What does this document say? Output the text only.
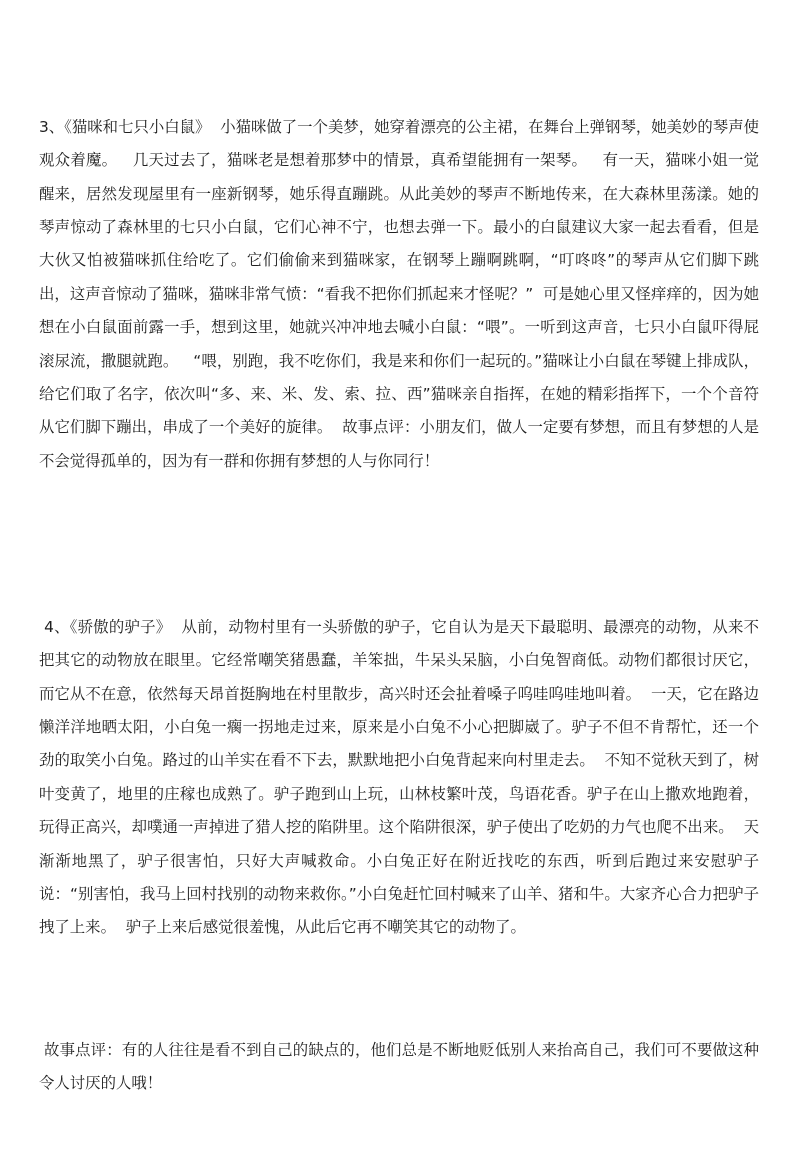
3、《猫咪和七只小白鼠》  小猫咪做了一个美梦，她穿着漂亮的公主裙，在舞台上弹钢琴，她美妙的琴声使观众着魔。   几天过去了，猫咪老是想着那梦中的情景，真希望能拥有一架琴。   有一天，猫咪小姐一觉醒来，居然发现屋里有一座新钢琴，她乐得直蹦跳。从此美妙的琴声不断地传来，在大森林里荡漾。她的琴声惊动了森林里的七只小白鼠，它们心神不宁，也想去弹一下。最小的白鼠建议大家一起去看看，但是大伙又怕被猫咪抓住给吃了。它们偷偷来到猫咪家，在钢琴上蹦啊跳啊，“叮咚咚”的琴声从它们脚下跳出，这声音惊动了猫咪，猫咪非常气愤：“看我不把你们抓起来才怪呢？”  可是她心里又怪痒痒的，因为她想在小白鼠面前露一手，想到这里，她就兴冲冲地去喊小白鼠：“喂”。一听到这声音，七只小白鼠吓得屁滚尿流，撒腿就跑。   “喂，别跑，我不吃你们，我是来和你们一起玩的。”猫咪让小白鼠在琴键上排成队，给它们取了名字，依次叫“多、来、米、发、索、拉、西”猫咪亲自指挥，在她的精彩指挥下，一个个音符从它们脚下蹦出，串成了一个美好的旋律。  故事点评：小朋友们，做人一定要有梦想，而且有梦想的人是不会觉得孤单的，因为有一群和你拥有梦想的人与你同行！

4、《骄傲的驴子》  从前，动物村里有一头骄傲的驴子，它自认为是天下最聪明、最漂亮的动物，从来不把其它的动物放在眼里。它经常嘲笑猪愚蠢，羊笨拙，牛呆头呆脑，小白兔智商低。动物们都很讨厌它，而它从不在意，依然每天昂首挺胸地在村里散步，高兴时还会扯着嗓子呜哇呜哇地叫着。  一天，它在路边懒洋洋地晒太阳，小白兔一瘸一拐地走过来，原来是小白兔不小心把脚崴了。驴子不但不肯帮忙，还一个劲的取笑小白兔。路过的山羊实在看不下去，默默地把小白兔背起来向村里走去。  不知不觉秋天到了，树叶变黄了，地里的庄稼也成熟了。驴子跑到山上玩，山林枝繁叶茂，鸟语花香。驴子在山上撒欢地跑着，玩得正高兴，却噗通一声掉进了猎人挖的陷阱里。这个陷阱很深，驴子使出了吃奶的力气也爬不出来。  天渐渐地黑了，驴子很害怕，只好大声喊救命。小白兔正好在附近找吃的东西，听到后跑过来安慰驴子说：“别害怕，我马上回村找别的动物来救你。”小白兔赶忙回村喊来了山羊、猪和牛。大家齐心合力把驴子拽了上来。  驴子上来后感觉很羞愧，从此后它再不嘲笑其它的动物了。

故事点评：有的人往往是看不到自己的缺点的，他们总是不断地贬低别人来抬高自己，我们可不要做这种令人讨厌的人哦！
